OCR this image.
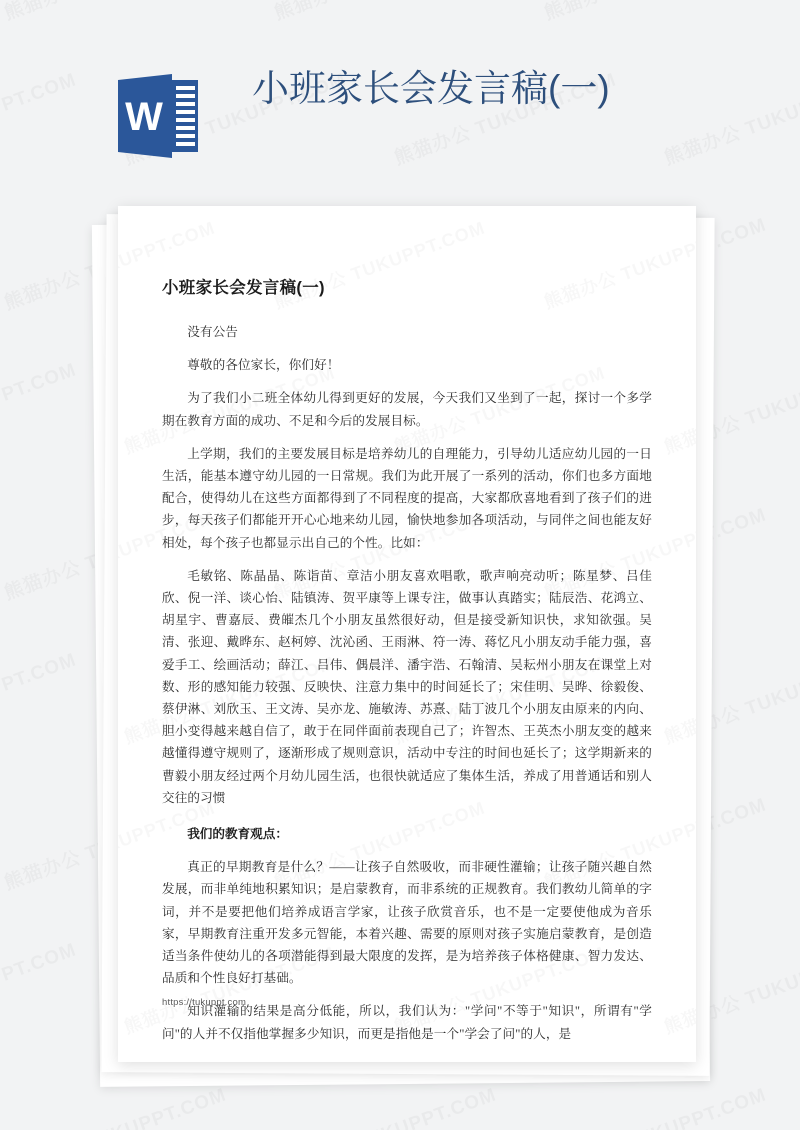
W
小班家长会发言稿(一)
小班家长会发言稿(一)
没有公告
尊敬的各位家长，你们好！
为了我们小二班全体幼儿得到更好的发展，今天我们又坐到了一起，探讨一个多学期在教育方面的成功、不足和今后的发展目标。
上学期，我们的主要发展目标是培养幼儿的自理能力，引导幼儿适应幼儿园的一日生活，能基本遵守幼儿园的一日常规。我们为此开展了一系列的活动，你们也多方面地配合，使得幼儿在这些方面都得到了不同程度的提高，大家都欣喜地看到了孩子们的进步，每天孩子们都能开开心心地来幼儿园，愉快地参加各项活动，与同伴之间也能友好相处，每个孩子也都显示出自己的个性。比如：
毛敏铭、陈晶晶、陈诣苗、章洁小朋友喜欢唱歌，歌声响亮动听；陈星梦、吕佳欣、倪一洋、谈心怡、陆镇涛、贺平康等上课专注，做事认真踏实；陆辰浩、花鸿立、胡星宇、曹嘉辰、费皠杰几个小朋友虽然很好动，但是接受新知识快，求知欲强。吴清、张迎、戴晔东、赵柯婷、沈沁函、王雨淋、符一涛、蒋忆凡小朋友动手能力强，喜爱手工、绘画活动；薛江、吕伟、偶晨洋、潘宇浩、石翰清、吴耘州小朋友在课堂上对数、形的感知能力较强、反映快、注意力集中的时间延长了；宋佳明、吴晔、徐毅俊、蔡伊淋、刘欣玉、王文涛、吴亦龙、施敏涛、苏熹、陆丁波几个小朋友由原来的内向、胆小变得越来越自信了，敢于在同伴面前表现自己了；许智杰、王英杰小朋友变的越来越懂得遵守规则了，逐渐形成了规则意识，活动中专注的时间也延长了；这学期新来的曹毅小朋友经过两个月幼儿园生活，也很快就适应了集体生活，养成了用普通话和别人交往的习惯
我们的教育观点：
真正的早期教育是什么？——让孩子自然吸收，而非硬性灌输；让孩子随兴趣自然发展，而非单纯地积累知识；是启蒙教育，而非系统的正规教育。我们教幼儿简单的字词，并不是要把他们培养成语言学家，让孩子欣赏音乐，也不是一定要使他成为音乐家，早期教育注重开发多元智能，本着兴趣、需要的原则对孩子实施启蒙教育，是创造适当条件使幼儿的各项潜能得到最大限度的发挥，是为培养孩子体格健康、智力发达、品质和个性良好打基础。
知识灌输的结果是高分低能，所以，我们认为："学问"不等于"知识"，所谓有"学问"的人并不仅指他掌握多少知识，而更是指他是一个"学会了问"的人，是
https://tukuppt.com
